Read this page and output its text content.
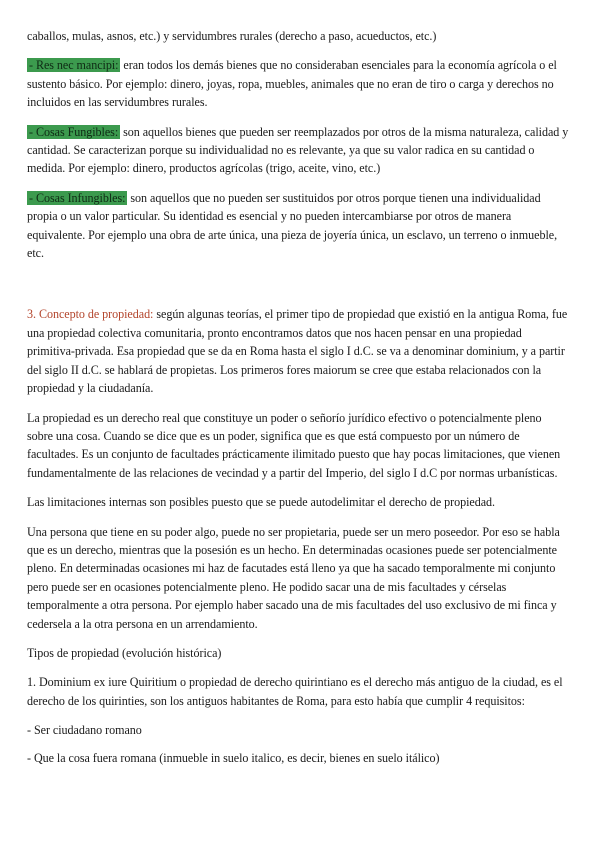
caballos, mulas, asnos, etc.) y servidumbres rurales (derecho a paso, acueductos, etc.)

- Res nec mancipi: eran todos los demás bienes que no consideraban esenciales para la economía agrícola o el sustento básico. Por ejemplo: dinero, joyas, ropa, muebles, animales que no eran de tiro o carga y derechos no incluidos en las servidumbres rurales.

- Cosas Fungibles: son aquellos bienes que pueden ser reemplazados por otros de la misma naturaleza, calidad y cantidad. Se caracterizan porque su individualidad no es relevante, ya que su valor radica en su cantidad o medida. Por ejemplo: dinero, productos agrícolas (trigo, aceite, vino, etc.)

- Cosas Infungibles: son aquellos que no pueden ser sustituidos por otros porque tienen una individualidad propia o un valor particular. Su identidad es esencial y no pueden intercambiarse por otros de manera equivalente. Por ejemplo una obra de arte única, una pieza de joyería única, un esclavo, un terreno o inmueble, etc.

3. Concepto de propiedad: según algunas teorías, el primer tipo de propiedad que existió en la antigua Roma, fue una propiedad colectiva comunitaria, pronto encontramos datos que nos hacen pensar en una propiedad primitiva-privada. Esa propiedad que se da en Roma hasta el siglo I d.C. se va a denominar dominium, y a partir del siglo II d.C. se hablará de propietas. Los primeros fores maiorum se cree que estaba relacionados con la propiedad y la ciudadanía.

La propiedad es un derecho real que constituye un poder o señorío jurídico efectivo o potencialmente pleno sobre una cosa. Cuando se dice que es un poder, significa que es que está compuesto por un número de facultades. Es un conjunto de facultades prácticamente ilimitado puesto que hay pocas limitaciones, que vienen fundamentalmente de las relaciones de vecindad y a partir del Imperio, del siglo I d.C por normas urbanísticas.

Las limitaciones internas son posibles puesto que se puede autodelimitar el derecho de propiedad.

Una persona que tiene en su poder algo, puede no ser propietaria, puede ser un mero poseedor. Por eso se habla que es un derecho, mientras que la posesión es un hecho. En determinadas ocasiones puede ser potencialmente pleno. En determinadas ocasiones mi haz de facutades está lleno ya que ha sacado temporalmente mi conjunto pero puede ser en ocasiones potencialmente pleno. He podido sacar una de mis facultades y cérselas temporalmente a otra persona. Por ejemplo haber sacado una de mis facultades del uso exclusivo de mi finca y cedersela a la otra persona en un arrendamiento.

Tipos de propiedad (evolución histórica)

1. Dominium ex iure Quiritium o propiedad de derecho quirintiano es el derecho más antiguo de la ciudad, es el derecho de los quirinties, son los antiguos habitantes de Roma, para esto había que cumplir 4 requisitos:

- Ser ciudadano romano

- Que la cosa fuera romana (inmueble in suelo italico, es decir, bienes en suelo itálico)
